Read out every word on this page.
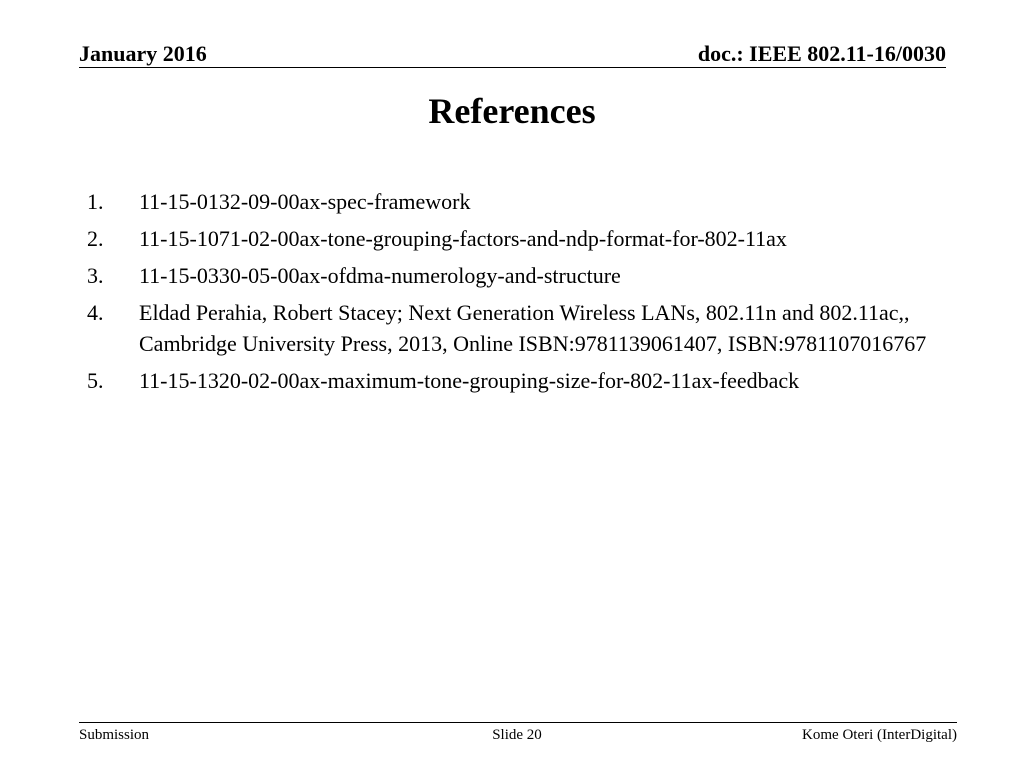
January 2016	doc.: IEEE 802.11-16/0030
References
1. 11-15-0132-09-00ax-spec-framework
2. 11-15-1071-02-00ax-tone-grouping-factors-and-ndp-format-for-802-11ax
3. 11-15-0330-05-00ax-ofdma-numerology-and-structure
4. Eldad Perahia, Robert Stacey; Next Generation Wireless LANs, 802.11n and 802.11ac,, Cambridge University Press, 2013, Online ISBN:9781139061407, ISBN:9781107016767
5. 11-15-1320-02-00ax-maximum-tone-grouping-size-for-802-11ax-feedback
Submission	Slide 20	Kome Oteri (InterDigital)
